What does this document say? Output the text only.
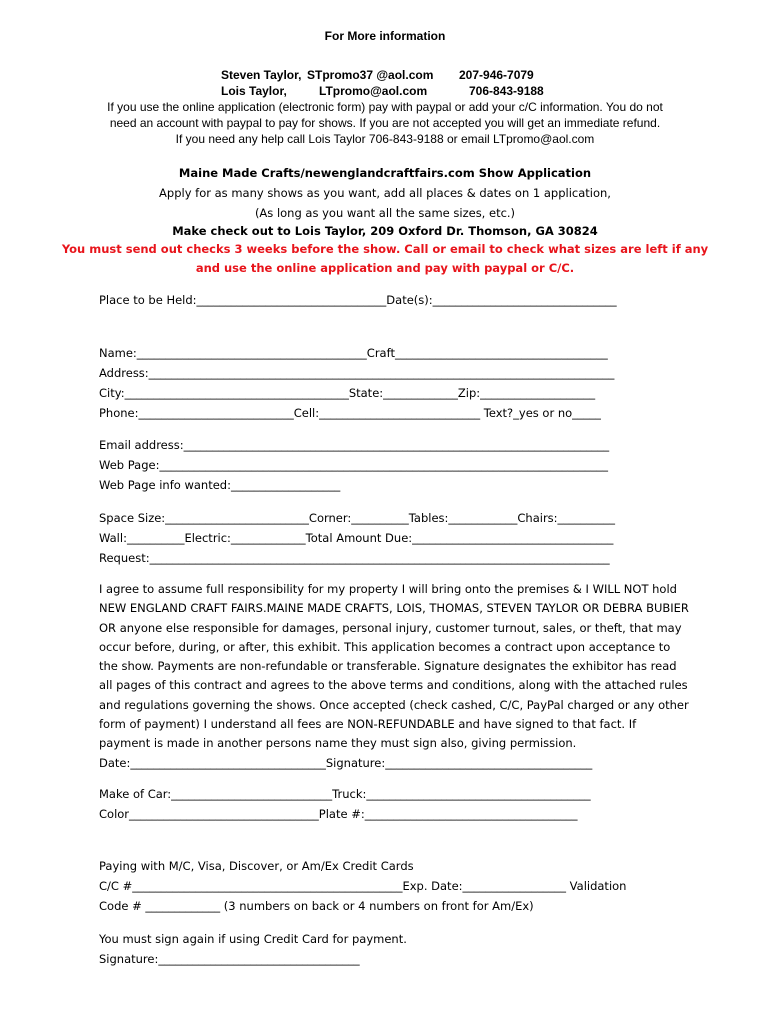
For More information
Steven Taylor, STpromo37 @aol.com	207-946-7079
Lois Taylor,	LTpromo@aol.com	706-843-9188
If you use the online application (electronic form) pay with paypal or add your c/C information. You do not
need an account with paypal to pay for shows. If you are not accepted you will get an immediate refund.
If you need any help call Lois Taylor 706-843-9188 or email LTpromo@aol.com
Maine Made Crafts/newenglandcraftfairs.com Show Application
Apply for as many shows as you want, add all places & dates on 1 application,
(As long as you want all the same sizes, etc.)
Make check out to Lois Taylor, 209 Oxford Dr. Thomson, GA 30824
You must send out checks 3 weeks before the show. Call or email to check what sizes are left if any
and use the online application and pay with paypal or C/C.
Place to be Held:_________________________________Date(s):________________________________
Name:________________________________________Craft_____________________________________
Address:_________________________________________________________________________________
City:_______________________________________State:_____________Zip:____________________
Phone:___________________________Cell:____________________________ Text?_yes or no_____
Email address:__________________________________________________________________________
Web Page:______________________________________________________________________________
Web Page info wanted:___________________
Space Size:_________________________Corner:__________Tables:____________Chairs:__________
Wall:__________Electric:_____________Total Amount Due:___________________________________
Request:________________________________________________________________________________
I agree to assume full responsibility for my property I will bring onto the premises & I WILL NOT hold NEW ENGLAND CRAFT FAIRS.MAINE MADE CRAFTS, LOIS, THOMAS, STEVEN TAYLOR OR DEBRA BUBIER OR anyone else responsible for damages, personal injury, customer turnout, sales, or theft, that may occur before, during, or after, this exhibit. This application becomes a contract upon acceptance to the show. Payments are non-refundable or transferable. Signature designates the exhibitor has read all pages of this contract and agrees to the above terms and conditions, along with the attached rules and regulations governing the shows. Once accepted (check cashed, C/C, PayPal charged or any other form of payment) I understand all fees are NON-REFUNDABLE and have signed to that fact. If payment is made in another persons name they must sign also, giving permission.
Date:__________________________________Signature:____________________________________
Make of Car:____________________________Truck:_______________________________________
Color_________________________________Plate #:_____________________________________
Paying with M/C, Visa, Discover, or Am/Ex Credit Cards
C/C #_______________________________________________Exp. Date:__________________ Validation
Code # _____________ (3 numbers on back or 4 numbers on front for Am/Ex)
You must sign again if using Credit Card for payment.
Signature:___________________________________
